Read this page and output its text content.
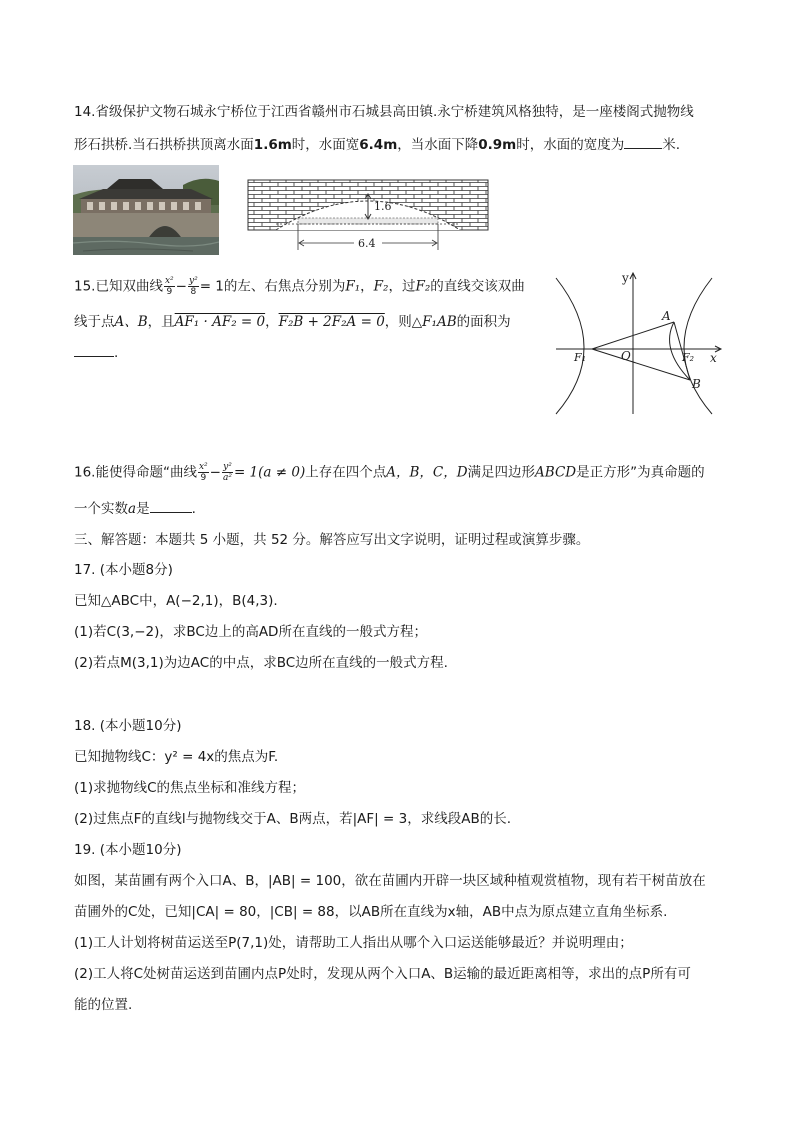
14.省级保护文物石城永宁桥位于江西省赣州市石城县高田镇.永宁桥建筑风格独特，是一座楼阁式抛物线
形石拱桥.当石拱桥拱顶离水面1.6m时，水面宽6.4m，当水面下降0.9m时，水面的宽度为	米.
1.6
6.4
15.已知双曲线 $\frac{\text{x²}}{9} - \frac{\text{y²}}{8} = 1$的左、右焦点分别为F₁，F₂，过F₂的直线交该双曲
线于点A、B，且AF₁ · AF₂ = 0，F₂B + 2F₂A = 0，则△F₁AB的面积为
.
y
x
O
A
B
F₁	F₂
16.能使得命题“曲线 $\frac{\text{x²}}{9} - \frac{\text{y²}}{\text{a²}} = 1(a \ne 0)$上存在四个点A，B，C，D满足四边形ABCD是正方形”为真命题的
一个实数a是	.
三、解答题：本题共 5 小题，共 52 分。解答应写出文字说明，证明过程或演算步骤。
17. (本小题8分)
已知△ABC中，A(−2,1)，B(4,3).
(1)若C(3,−2)，求BC边上的高AD所在直线的一般式方程；
(2)若点M(3,1)为边AC的中点，求BC边所在直线的一般式方程.
18. (本小题10分)
已知抛物线C：y² = 4x的焦点为F.
(1)求抛物线C的焦点坐标和准线方程；
(2)过焦点F的直线l与抛物线交于A、B两点，若|AF| = 3，求线段AB的长.
19. (本小题10分)
如图，某苗圃有两个入口A、B，|AB| = 100，欲在苗圃内开辟一块区域种植观赏植物，现有若干树苗放在
苗圃外的C处，已知|CA| = 80，|CB| = 88，以AB所在直线为x轴，AB中点为原点建立直角坐标系.
(1)工人计划将树苗运送至P(7,1)处，请帮助工人指出从哪个入口运送能够最近？并说明理由；
(2)工人将C处树苗运送到苗圃内点P处时，发现从两个入口A、B运输的最近距离相等，求出的点P所有可
能的位置.
